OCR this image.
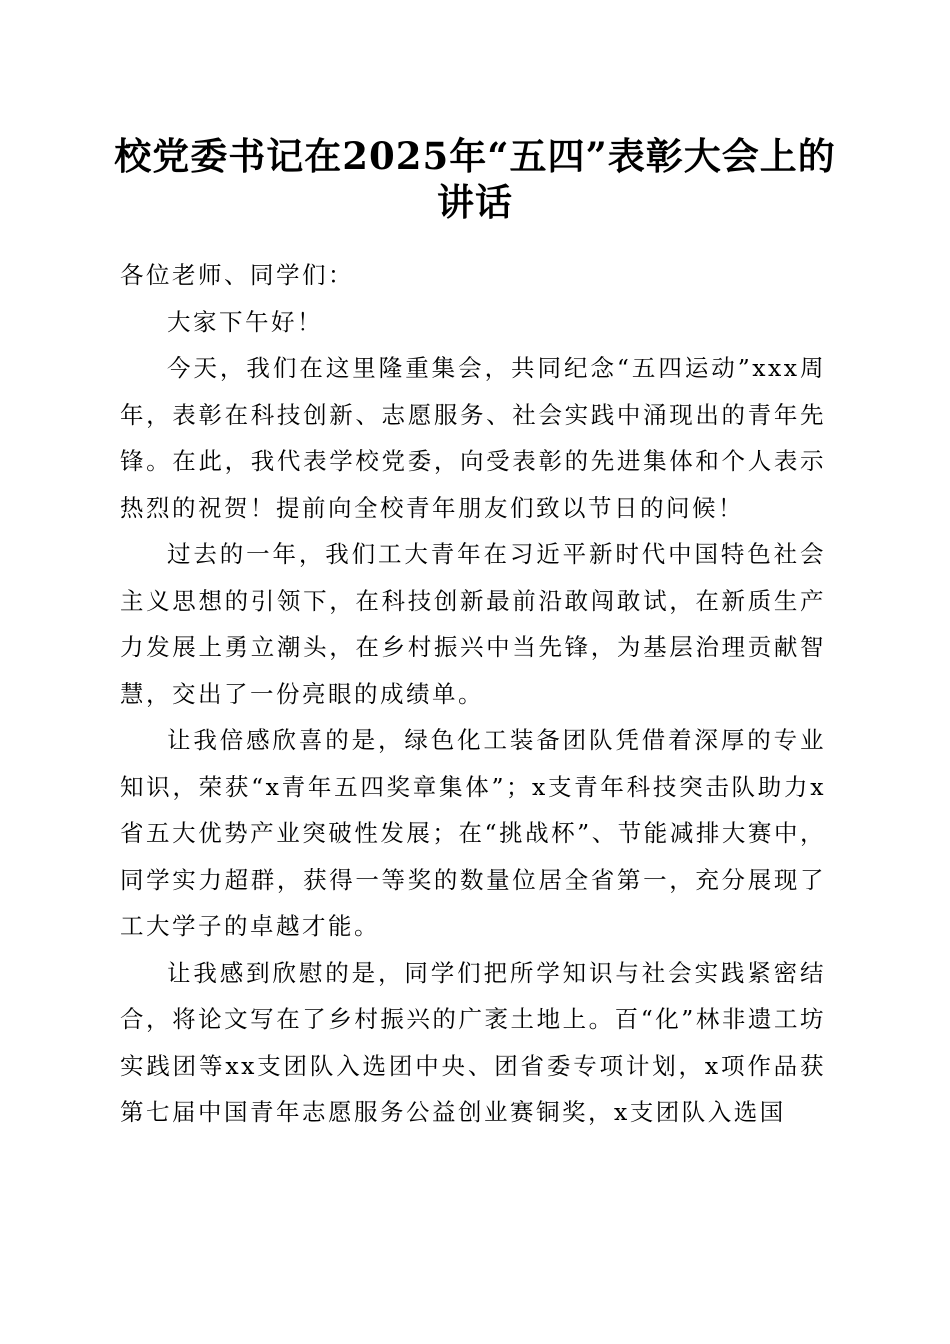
校党委书记在2025年“五四”表彰大会上的
讲话

各位老师、同学们：

大家下午好！

今天，我们在这里隆重集会，共同纪念“五四运动”xxx周年，表彰在科技创新、志愿服务、社会实践中涌现出的青年先锋。在此，我代表学校党委，向受表彰的先进集体和个人表示热烈的祝贺！提前向全校青年朋友们致以节日的问候！

过去的一年，我们工大青年在习近平新时代中国特色社会主义思想的引领下，在科技创新最前沿敢闯敢试，在新质生产力发展上勇立潮头，在乡村振兴中当先锋，为基层治理贡献智慧，交出了一份亮眼的成绩单。

让我倍感欣喜的是，绿色化工装备团队凭借着深厚的专业知识，荣获“x青年五四奖章集体”；x支青年科技突击队助力x省五大优势产业突破性发展；在“挑战杯”、节能减排大赛中，同学实力超群，获得一等奖的数量位居全省第一，充分展现了工大学子的卓越才能。

让我感到欣慰的是，同学们把所学知识与社会实践紧密结合，将论文写在了乡村振兴的广袤土地上。百“化”林非遗工坊实践团等xx支团队入选团中央、团省委专项计划，x项作品获第七届中国青年志愿服务公益创业赛铜奖，x支团队入选国
